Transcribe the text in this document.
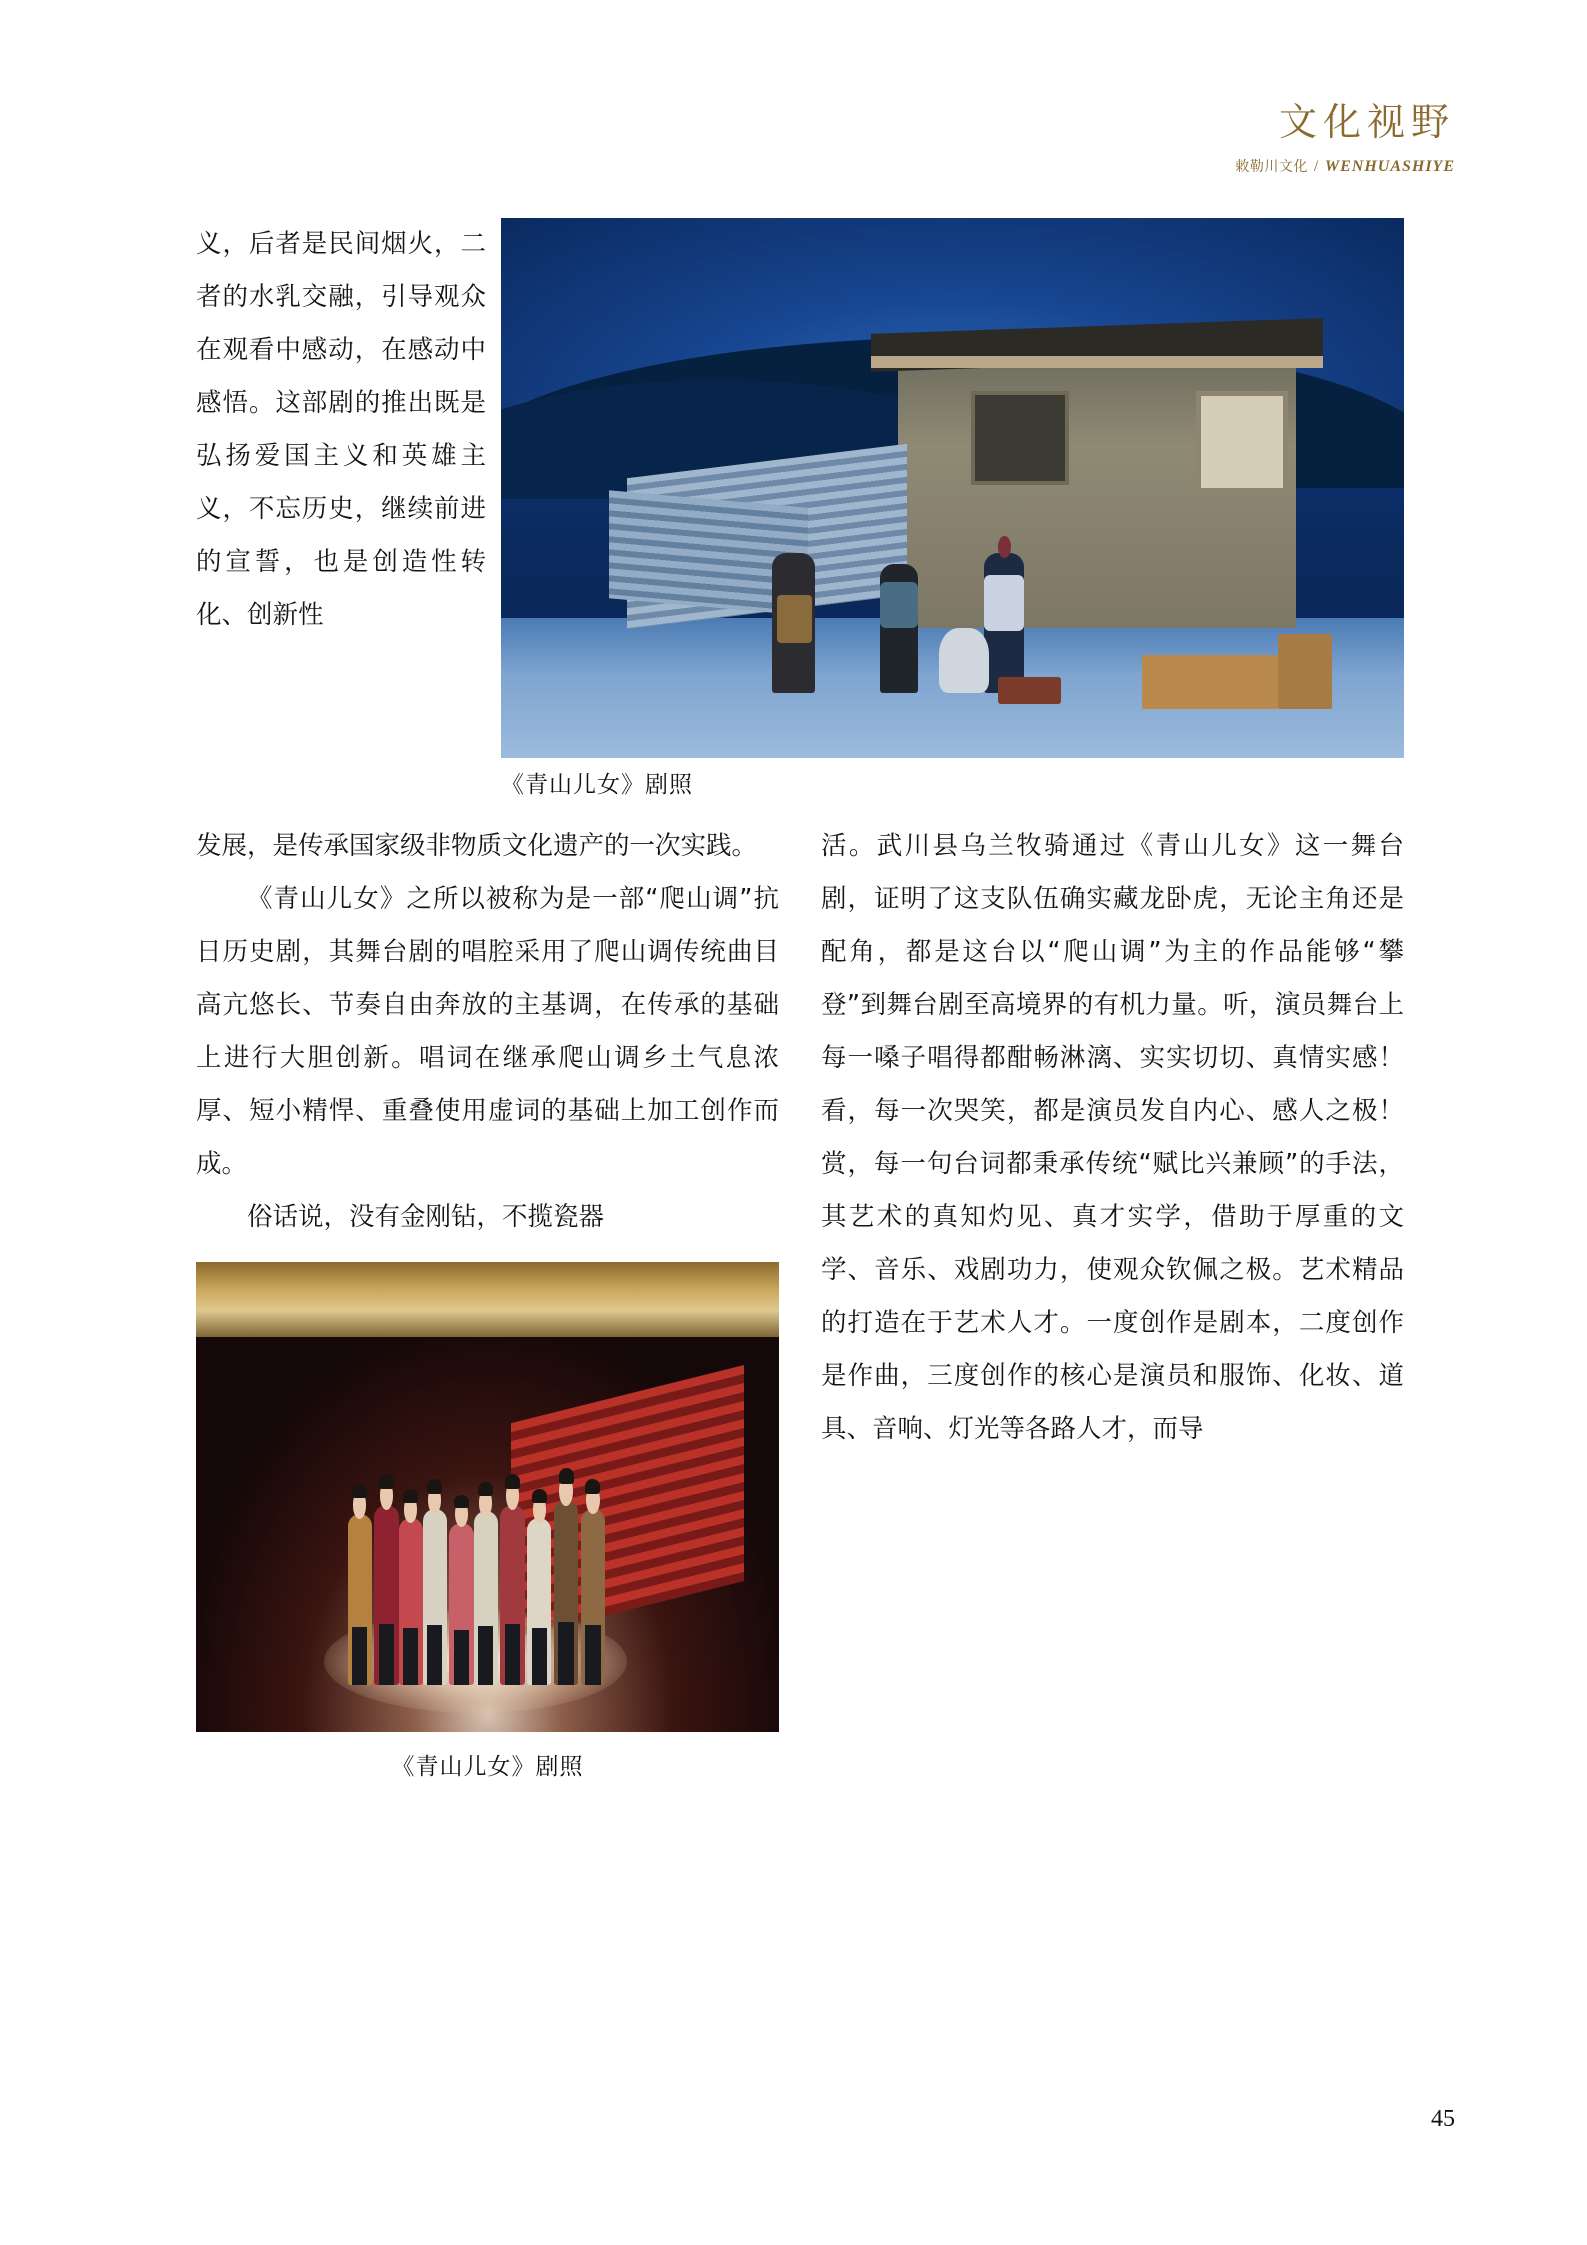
文化视野
敕勒川文化 / WENHUASHIYE

义，后者是民间烟火，二者的水乳交融，引导观众在观看中感动，在感动中感悟。这部剧的推出既是弘扬爱国主义和英雄主义，不忘历史，继续前进的宣誓，也是创造性转化、创新性

《青山儿女》剧照

发展，是传承国家级非物质文化遗产的一次实践。

《青山儿女》之所以被称为是一部“爬山调”抗日历史剧，其舞台剧的唱腔采用了爬山调传统曲目高亢悠长、节奏自由奔放的主基调，在传承的基础上进行大胆创新。唱词在继承爬山调乡土气息浓厚、短小精悍、重叠使用虚词的基础上加工创作而成。

俗话说，没有金刚钻，不揽瓷器

《青山儿女》剧照

活。武川县乌兰牧骑通过《青山儿女》这一舞台剧，证明了这支队伍确实藏龙卧虎，无论主角还是配角，都是这台以“爬山调”为主的作品能够“攀登”到舞台剧至高境界的有机力量。听，演员舞台上每一嗓子唱得都酣畅淋漓、实实切切、真情实感！看，每一次哭笑，都是演员发自内心、感人之极！赏，每一句台词都秉承传统“赋比兴兼顾”的手法，其艺术的真知灼见、真才实学，借助于厚重的文学、音乐、戏剧功力，使观众钦佩之极。艺术精品的打造在于艺术人才。一度创作是剧本，二度创作是作曲，三度创作的核心是演员和服饰、化妆、道具、音响、灯光等各路人才，而导

45
